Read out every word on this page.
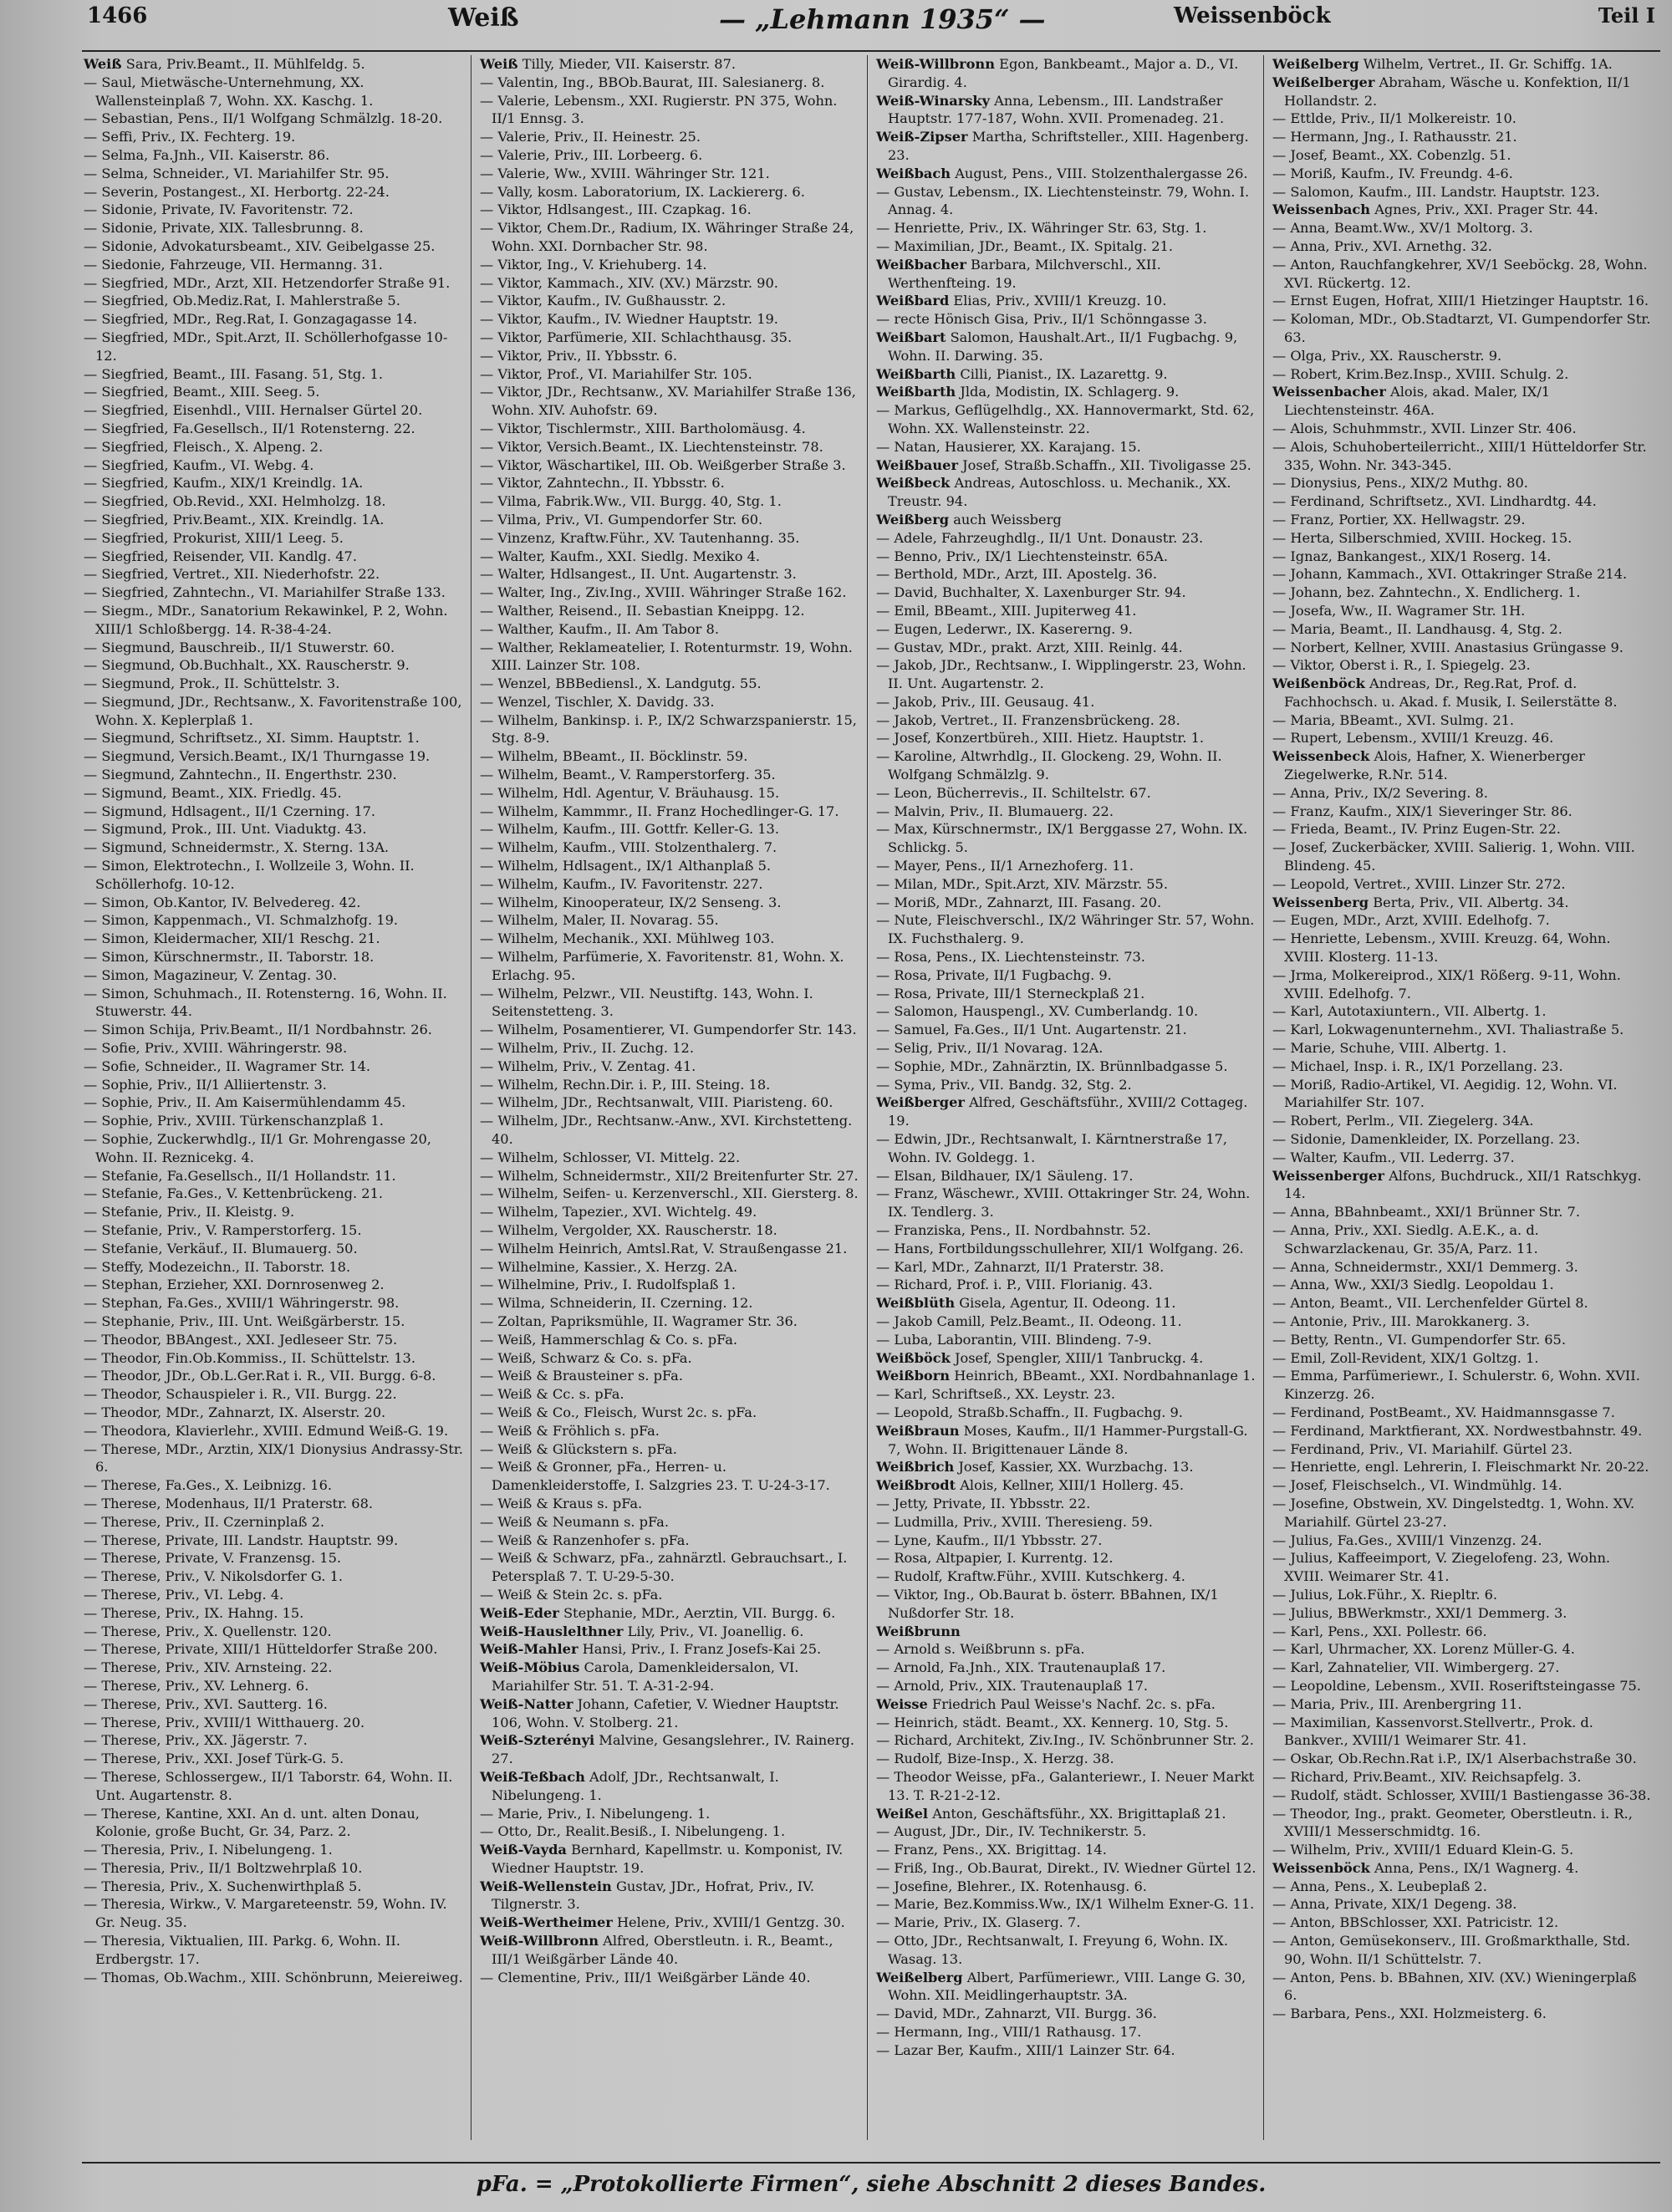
1466	Weiß	— „Lehmann 1935“ —	Weissenböck	Teil I

Weiß Sara, Priv.Beamt., II. Mühlfeldg. 5.

— Saul, Mietwäsche-Unternehmung, XX. Wallensteinplaß 7, Wohn. XX. Kaschg. 1.

— Sebastian, Pens., II/1 Wolfgang Schmälzlg. 18-20.

— Seffi, Priv., IX. Fechterg. 19.

— Selma, Fa.Jnh., VII. Kaiserstr. 86.

— Selma, Schneider., VI. Mariahilfer Str. 95.

— Severin, Postangest., XI. Herbortg. 22-24.

— Sidonie, Private, IV. Favoritenstr. 72.

— Sidonie, Private, XIX. Tallesbrunng. 8.

— Sidonie, Advokatursbeamt., XIV. Geibelgasse 25.

— Siedonie, Fahrzeuge, VII. Hermanng. 31.

— Siegfried, MDr., Arzt, XII. Hetzendorfer Straße 91.

— Siegfried, Ob.Mediz.Rat, I. Mahlerstraße 5.

— Siegfried, MDr., Reg.Rat, I. Gonzagagasse 14.

— Siegfried, MDr., Spit.Arzt, II. Schöllerhofgasse 10-12.

— Siegfried, Beamt., III. Fasang. 51, Stg. 1.

— Siegfried, Beamt., XIII. Seeg. 5.

— Siegfried, Eisenhdl., VIII. Hernalser Gürtel 20.

— Siegfried, Fa.Gesellsch., II/1 Rotensterng. 22.

— Siegfried, Fleisch., X. Alpeng. 2.

— Siegfried, Kaufm., VI. Webg. 4.

— Siegfried, Kaufm., XIX/1 Kreindlg. 1A.

— Siegfried, Ob.Revid., XXI. Helmholzg. 18.

— Siegfried, Priv.Beamt., XIX. Kreindlg. 1A.

— Siegfried, Prokurist, XIII/1 Leeg. 5.

— Siegfried, Reisender, VII. Kandlg. 47.

— Siegfried, Vertret., XII. Niederhofstr. 22.

— Siegfried, Zahntechn., VI. Mariahilfer Straße 133.

— Siegm., MDr., Sanatorium Rekawinkel, P. 2, Wohn. XIII/1 Schloßbergg. 14. R-38-4-24.

— Siegmund, Bauschreib., II/1 Stuwerstr. 60.

— Siegmund, Ob.Buchhalt., XX. Rauscherstr. 9.

— Siegmund, Prok., II. Schüttelstr. 3.

— Siegmund, JDr., Rechtsanw., X. Favoritenstraße 100, Wohn. X. Keplerplaß 1.

— Siegmund, Schriftsetz., XI. Simm. Hauptstr. 1.

— Siegmund, Versich.Beamt., IX/1 Thurngasse 19.

— Siegmund, Zahntechn., II. Engerthstr. 230.

— Sigmund, Beamt., XIX. Friedlg. 45.

— Sigmund, Hdlsagent., II/1 Czerning. 17.

— Sigmund, Prok., III. Unt. Viaduktg. 43.

— Sigmund, Schneidermstr., X. Sterng. 13A.

— Simon, Elektrotechn., I. Wollzeile 3, Wohn. II. Schöllerhofg. 10-12.

— Simon, Ob.Kantor, IV. Belvedereg. 42.

— Simon, Kappenmach., VI. Schmalzhofg. 19.

— Simon, Kleidermacher, XII/1 Reschg. 21.

— Simon, Kürschnermstr., II. Taborstr. 18.

— Simon, Magazineur, V. Zentag. 30.

— Simon, Schuhmach., II. Rotensterng. 16, Wohn. II. Stuwerstr. 44.

— Simon Schija, Priv.Beamt., II/1 Nordbahnstr. 26.

— Sofie, Priv., XVIII. Währingerstr. 98.

— Sofie, Schneider., II. Wagramer Str. 14.

— Sophie, Priv., II/1 Alliiertenstr. 3.

— Sophie, Priv., II. Am Kaisermühlendamm 45.

— Sophie, Priv., XVIII. Türkenschanzplaß 1.

— Sophie, Zuckerwhdlg., II/1 Gr. Mohrengasse 20, Wohn. II. Reznicekg. 4.

— Stefanie, Fa.Gesellsch., II/1 Hollandstr. 11.

— Stefanie, Fa.Ges., V. Kettenbrückeng. 21.

— Stefanie, Priv., II. Kleistg. 9.

— Stefanie, Priv., V. Ramperstorferg. 15.

— Stefanie, Verkäuf., II. Blumauerg. 50.

— Steffy, Modezeichn., II. Taborstr. 18.

— Stephan, Erzieher, XXI. Dornrosenweg 2.

— Stephan, Fa.Ges., XVIII/1 Währingerstr. 98.

— Stephanie, Priv., III. Unt. Weißgärberstr. 15.

— Theodor, BBAngest., XXI. Jedleseer Str. 75.

— Theodor, Fin.Ob.Kommiss., II. Schüttelstr. 13.

— Theodor, JDr., Ob.L.Ger.Rat i. R., VII. Burgg. 6-8.

— Theodor, Schauspieler i. R., VII. Burgg. 22.

— Theodor, MDr., Zahnarzt, IX. Alserstr. 20.

— Theodora, Klavierlehr., XVIII. Edmund Weiß-G. 19.

— Therese, MDr., Arztin, XIX/1 Dionysius Andrassy-Str. 6.

— Therese, Fa.Ges., X. Leibnizg. 16.

— Therese, Modenhaus, II/1 Praterstr. 68.

— Therese, Priv., II. Czerninplaß 2.

— Therese, Private, III. Landstr. Hauptstr. 99.

— Therese, Private, V. Franzensg. 15.

— Therese, Priv., V. Nikolsdorfer G. 1.

— Therese, Priv., VI. Lebg. 4.

— Therese, Priv., IX. Hahng. 15.

— Therese, Priv., X. Quellenstr. 120.

— Therese, Private, XIII/1 Hütteldorfer Straße 200.

— Therese, Priv., XIV. Arnsteing. 22.

— Therese, Priv., XV. Lehnerg. 6.

— Therese, Priv., XVI. Sautterg. 16.

— Therese, Priv., XVIII/1 Witthauerg. 20.

— Therese, Priv., XX. Jägerstr. 7.

— Therese, Priv., XXI. Josef Türk-G. 5.

— Therese, Schlossergew., II/1 Taborstr. 64, Wohn. II. Unt. Augartenstr. 8.

— Therese, Kantine, XXI. An d. unt. alten Donau, Kolonie, große Bucht, Gr. 34, Parz. 2.

— Theresia, Priv., I. Nibelungeng. 1.

— Theresia, Priv., II/1 Boltzwehrplaß 10.

— Theresia, Priv., X. Suchenwirthplaß 5.

— Theresia, Wirkw., V. Margareteenstr. 59, Wohn. IV. Gr. Neug. 35.

— Theresia, Viktualien, III. Parkg. 6, Wohn. II. Erdbergstr. 17.

— Thomas, Ob.Wachm., XIII. Schönbrunn, Meiereiweg.

Weiß Tilly, Mieder, VII. Kaiserstr. 87.

— Valentin, Ing., BBOb.Baurat, III. Salesianerg. 8.

— Valerie, Lebensm., XXI. Rugierstr. PN 375, Wohn. II/1 Ennsg. 3.

— Valerie, Priv., II. Heinestr. 25.

— Valerie, Priv., III. Lorbeerg. 6.

— Valerie, Ww., XVIII. Währinger Str. 121.

— Vally, kosm. Laboratorium, IX. Lackiererg. 6.

— Viktor, Hdlsangest., III. Czapkag. 16.

— Viktor, Chem.Dr., Radium, IX. Währinger Straße 24, Wohn. XXI. Dornbacher Str. 98.

— Viktor, Ing., V. Kriehuberg. 14.

— Viktor, Kammach., XIV. (XV.) Märzstr. 90.

— Viktor, Kaufm., IV. Gußhausstr. 2.

— Viktor, Kaufm., IV. Wiedner Hauptstr. 19.

— Viktor, Parfümerie, XII. Schlachthausg. 35.

— Viktor, Priv., II. Ybbsstr. 6.

— Viktor, Prof., VI. Mariahilfer Str. 105.

— Viktor, JDr., Rechtsanw., XV. Mariahilfer Straße 136, Wohn. XIV. Auhofstr. 69.

— Viktor, Tischlermstr., XIII. Bartholomäusg. 4.

— Viktor, Versich.Beamt., IX. Liechtensteinstr. 78.

— Viktor, Wäschartikel, III. Ob. Weißgerber Straße 3.

— Viktor, Zahntechn., II. Ybbsstr. 6.

— Vilma, Fabrik.Ww., VII. Burgg. 40, Stg. 1.

— Vilma, Priv., VI. Gumpendorfer Str. 60.

— Vinzenz, Kraftw.Führ., XV. Tautenhanng. 35.

— Walter, Kaufm., XXI. Siedlg. Mexiko 4.

— Walter, Hdlsangest., II. Unt. Augartenstr. 3.

— Walter, Ing., Ziv.Ing., XVIII. Währinger Straße 162.

— Walther, Reisend., II. Sebastian Kneippg. 12.

— Walther, Kaufm., II. Am Tabor 8.

— Walther, Reklameatelier, I. Rotenturmstr. 19, Wohn. XIII. Lainzer Str. 108.

— Wenzel, BBBediensl., X. Landgutg. 55.

— Wenzel, Tischler, X. Davidg. 33.

— Wilhelm, Bankinsp. i. P., IX/2 Schwarzspanierstr. 15, Stg. 8-9.

— Wilhelm, BBeamt., II. Böcklinstr. 59.

— Wilhelm, Beamt., V. Ramperstorferg. 35.

— Wilhelm, Hdl. Agentur, V. Bräuhausg. 15.

— Wilhelm, Kammmr., II. Franz Hochedlinger-G. 17.

— Wilhelm, Kaufm., III. Gottfr. Keller-G. 13.

— Wilhelm, Kaufm., VIII. Stolzenthalerg. 7.

— Wilhelm, Hdlsagent., IX/1 Althanplaß 5.

— Wilhelm, Kaufm., IV. Favoritenstr. 227.

— Wilhelm, Kinooperateur, IX/2 Senseng. 3.

— Wilhelm, Maler, II. Novarag. 55.

— Wilhelm, Mechanik., XXI. Mühlweg 103.

— Wilhelm, Parfümerie, X. Favoritenstr. 81, Wohn. X. Erlachg. 95.

— Wilhelm, Pelzwr., VII. Neustiftg. 143, Wohn. I. Seitenstetteng. 3.

— Wilhelm, Posamentierer, VI. Gumpendorfer Str. 143.

— Wilhelm, Priv., II. Zuchg. 12.

— Wilhelm, Priv., V. Zentag. 41.

— Wilhelm, Rechn.Dir. i. P., III. Steing. 18.

— Wilhelm, JDr., Rechtsanwalt, VIII. Piaristeng. 60.

— Wilhelm, JDr., Rechtsanw.-Anw., XVI. Kirchstetteng. 40.

— Wilhelm, Schlosser, VI. Mittelg. 22.

— Wilhelm, Schneidermstr., XII/2 Breitenfurter Str. 27.

— Wilhelm, Seifen- u. Kerzenverschl., XII. Giersterg. 8.

— Wilhelm, Tapezier., XVI. Wichtelg. 49.

— Wilhelm, Vergolder, XX. Rauscherstr. 18.

— Wilhelm Heinrich, Amtsl.Rat, V. Straußengasse 21.

— Wilhelmine, Kassier., X. Herzg. 2A.

— Wilhelmine, Priv., I. Rudolfsplaß 1.

— Wilma, Schneiderin, II. Czerning. 12.

— Zoltan, Papriksmühle, II. Wagramer Str. 36.

— Weiß, Hammerschlag & Co. s. pFa.

— Weiß, Schwarz & Co. s. pFa.

— Weiß & Brausteiner s. pFa.

— Weiß & Cc. s. pFa.

— Weiß & Co., Fleisch, Wurst 2c. s. pFa.

— Weiß & Fröhlich s. pFa.

— Weiß & Glückstern s. pFa.

— Weiß & Gronner, pFa., Herren- u. Damenkleiderstoffe, I. Salzgries 23. T. U-24-3-17.

— Weiß & Kraus s. pFa.

— Weiß & Neumann s. pFa.

— Weiß & Ranzenhofer s. pFa.

— Weiß & Schwarz, pFa., zahnärztl. Gebrauchsart., I. Petersplaß 7. T. U-29-5-30.

— Weiß & Stein 2c. s. pFa.

Weiß-Eder Stephanie, MDr., Aerztin, VII. Burgg. 6.

Weiß-Hauslelthner Lily, Priv., VI. Joanellig. 6.

Weiß-Mahler Hansi, Priv., I. Franz Josefs-Kai 25.

Weiß-Möbius Carola, Damenkleidersalon, VI. Mariahilfer Str. 51. T. A-31-2-94.

Weiß-Natter Johann, Cafetier, V. Wiedner Hauptstr. 106, Wohn. V. Stolberg. 21.

Weiß-Szterényi Malvine, Gesangslehrer., IV. Rainerg. 27.

Weiß-Teßbach Adolf, JDr., Rechtsanwalt, I. Nibelungeng. 1.

— Marie, Priv., I. Nibelungeng. 1.

— Otto, Dr., Realit.Besiß., I. Nibelungeng. 1.

Weiß-Vayda Bernhard, Kapellmstr. u. Komponist, IV. Wiedner Hauptstr. 19.

Weiß-Wellenstein Gustav, JDr., Hofrat, Priv., IV. Tilgnerstr. 3.

Weiß-Wertheimer Helene, Priv., XVIII/1 Gentzg. 30.

Weiß-Willbronn Alfred, Oberstleutn. i. R., Beamt., III/1 Weißgärber Lände 40.

— Clementine, Priv., III/1 Weißgärber Lände 40.

Weiß-Willbronn Egon, Bankbeamt., Major a. D., VI. Girardig. 4.

Weiß-Winarsky Anna, Lebensm., III. Landstraßer Hauptstr. 177-187, Wohn. XVII. Promenadeg. 21.

Weiß-Zipser Martha, Schriftsteller., XIII. Hagenberg. 23.

Weißbach August, Pens., VIII. Stolzenthalergasse 26.

— Gustav, Lebensm., IX. Liechtensteinstr. 79, Wohn. I. Annag. 4.

— Henriette, Priv., IX. Währinger Str. 63, Stg. 1.

— Maximilian, JDr., Beamt., IX. Spitalg. 21.

Weißbacher Barbara, Milchverschl., XII. Werthenfteing. 19.

Weißbard Elias, Priv., XVIII/1 Kreuzg. 10.

— recte Hönisch Gisa, Priv., II/1 Schönngasse 3.

Weißbart Salomon, Haushalt.Art., II/1 Fugbachg. 9, Wohn. II. Darwing. 35.

Weißbarth Cilli, Pianist., IX. Lazarettg. 9.

Weißbarth Jlda, Modistin, IX. Schlagerg. 9.

— Markus, Geflügelhdlg., XX. Hannovermarkt, Std. 62, Wohn. XX. Wallensteinstr. 22.

— Natan, Hausierer, XX. Karajang. 15.

Weißbauer Josef, Straßb.Schaffn., XII. Tivoligasse 25.

Weißbeck Andreas, Autoschloss. u. Mechanik., XX. Treustr. 94.

Weißberg auch Weissberg

— Adele, Fahrzeughdlg., II/1 Unt. Donaustr. 23.

— Benno, Priv., IX/1 Liechtensteinstr. 65A.

— Berthold, MDr., Arzt, III. Apostelg. 36.

— David, Buchhalter, X. Laxenburger Str. 94.

— Emil, BBeamt., XIII. Jupiterweg 41.

— Eugen, Lederwr., IX. Kasererng. 9.

— Gustav, MDr., prakt. Arzt, XIII. Reinlg. 44.

— Jakob, JDr., Rechtsanw., I. Wipplingerstr. 23, Wohn. II. Unt. Augartenstr. 2.

— Jakob, Priv., III. Geusaug. 41.

— Jakob, Vertret., II. Franzensbrückeng. 28.

— Josef, Konzertbüreh., XIII. Hietz. Hauptstr. 1.

— Karoline, Altwrhdlg., II. Glockeng. 29, Wohn. II. Wolfgang Schmälzlg. 9.

— Leon, Bücherrevis., II. Schiltelstr. 67.

— Malvin, Priv., II. Blumauerg. 22.

— Max, Kürschnermstr., IX/1 Berggasse 27, Wohn. IX. Schlickg. 5.

— Mayer, Pens., II/1 Arnezhoferg. 11.

— Milan, MDr., Spit.Arzt, XIV. Märzstr. 55.

— Moriß, MDr., Zahnarzt, III. Fasang. 20.

— Nute, Fleischverschl., IX/2 Währinger Str. 57, Wohn. IX. Fuchsthalerg. 9.

— Rosa, Pens., IX. Liechtensteinstr. 73.

— Rosa, Private, II/1 Fugbachg. 9.

— Rosa, Private, III/1 Sterneckplaß 21.

— Salomon, Hauspengl., XV. Cumberlandg. 10.

— Samuel, Fa.Ges., II/1 Unt. Augartenstr. 21.

— Selig, Priv., II/1 Novarag. 12A.

— Sophie, MDr., Zahnärztin, IX. Brünnlbadgasse 5.

— Syma, Priv., VII. Bandg. 32, Stg. 2.

Weißberger Alfred, Geschäftsführ., XVIII/2 Cottageg. 19.

— Edwin, JDr., Rechtsanwalt, I. Kärntnerstraße 17, Wohn. IV. Goldegg. 1.

— Elsan, Bildhauer, IX/1 Säuleng. 17.

— Franz, Wäschewr., XVIII. Ottakringer Str. 24, Wohn. IX. Tendlerg. 3.

— Franziska, Pens., II. Nordbahnstr. 52.

— Hans, Fortbildungsschullehrer, XII/1 Wolfgang. 26.

— Karl, MDr., Zahnarzt, II/1 Praterstr. 38.

— Richard, Prof. i. P., VIII. Florianig. 43.

Weißblüth Gisela, Agentur, II. Odeong. 11.

— Jakob Camill, Pelz.Beamt., II. Odeong. 11.

— Luba, Laborantin, VIII. Blindeng. 7-9.

Weißböck Josef, Spengler, XIII/1 Tanbruckg. 4.

Weißborn Heinrich, BBeamt., XXI. Nordbahnanlage 1.

— Karl, Schriftseß., XX. Leystr. 23.

— Leopold, Straßb.Schaffn., II. Fugbachg. 9.

Weißbraun Moses, Kaufm., II/1 Hammer-Purgstall-G. 7, Wohn. II. Brigittenauer Lände 8.

Weißbrich Josef, Kassier, XX. Wurzbachg. 13.

Weißbrodt Alois, Kellner, XIII/1 Hollerg. 45.

— Jetty, Private, II. Ybbsstr. 22.

— Ludmilla, Priv., XVIII. Theresieng. 59.

— Lyne, Kaufm., II/1 Ybbsstr. 27.

— Rosa, Altpapier, I. Kurrentg. 12.

— Rudolf, Kraftw.Führ., XVIII. Kutschkerg. 4.

— Viktor, Ing., Ob.Baurat b. österr. BBahnen, IX/1 Nußdorfer Str. 18.

Weißbrunn

— Arnold s. Weißbrunn s. pFa.

— Arnold, Fa.Jnh., XIX. Trautenauplaß 17.

— Arnold, Priv., XIX. Trautenauplaß 17.

Weisse Friedrich Paul Weisse's Nachf. 2c. s. pFa.

— Heinrich, städt. Beamt., XX. Kennerg. 10, Stg. 5.

— Richard, Architekt, Ziv.Ing., IV. Schönbrunner Str. 2.

— Rudolf, Bize-Insp., X. Herzg. 38.

— Theodor Weisse, pFa., Galanteriewr., I. Neuer Markt 13. T. R-21-2-12.

Weißel Anton, Geschäftsführ., XX. Brigittaplaß 21.

— August, JDr., Dir., IV. Technikerstr. 5.

— Franz, Pens., XX. Brigittag. 14.

— Friß, Ing., Ob.Baurat, Direkt., IV. Wiedner Gürtel 12.

— Josefine, Blehrer., IX. Rotenhausg. 6.

— Marie, Bez.Kommiss.Ww., IX/1 Wilhelm Exner-G. 11.

— Marie, Priv., IX. Glaserg. 7.

— Otto, JDr., Rechtsanwalt, I. Freyung 6, Wohn. IX. Wasag. 13.

Weißelberg Albert, Parfümeriewr., VIII. Lange G. 30, Wohn. XII. Meidlingerhauptstr. 3A.

— David, MDr., Zahnarzt, VII. Burgg. 36.

— Hermann, Ing., VIII/1 Rathausg. 17.

— Lazar Ber, Kaufm., XIII/1 Lainzer Str. 64.

Weißelberg Wilhelm, Vertret., II. Gr. Schiffg. 1A.

Weißelberger Abraham, Wäsche u. Konfektion, II/1 Hollandstr. 2.

— Ettlde, Priv., II/1 Molkereistr. 10.

— Hermann, Jng., I. Rathausstr. 21.

— Josef, Beamt., XX. Cobenzlg. 51.

— Moriß, Kaufm., IV. Freundg. 4-6.

— Salomon, Kaufm., III. Landstr. Hauptstr. 123.

Weissenbach Agnes, Priv., XXI. Prager Str. 44.

— Anna, Beamt.Ww., XV/1 Moltorg. 3.

— Anna, Priv., XVI. Arnethg. 32.

— Anton, Rauchfangkehrer, XV/1 Seeböckg. 28, Wohn. XVI. Rückertg. 12.

— Ernst Eugen, Hofrat, XIII/1 Hietzinger Hauptstr. 16.

— Koloman, MDr., Ob.Stadtarzt, VI. Gumpendorfer Str. 63.

— Olga, Priv., XX. Rauscherstr. 9.

— Robert, Krim.Bez.Insp., XVIII. Schulg. 2.

Weissenbacher Alois, akad. Maler, IX/1 Liechtensteinstr. 46A.

— Alois, Schuhmmstr., XVII. Linzer Str. 406.

— Alois, Schuhoberteilerricht., XIII/1 Hütteldorfer Str. 335, Wohn. Nr. 343-345.

— Dionysius, Pens., XIX/2 Muthg. 80.

— Ferdinand, Schriftsetz., XVI. Lindhardtg. 44.

— Franz, Portier, XX. Hellwagstr. 29.

— Herta, Silberschmied, XVIII. Hockeg. 15.

— Ignaz, Bankangest., XIX/1 Roserg. 14.

— Johann, Kammach., XVI. Ottakringer Straße 214.

— Johann, bez. Zahntechn., X. Endlicherg. 1.

— Josefa, Ww., II. Wagramer Str. 1H.

— Maria, Beamt., II. Landhausg. 4, Stg. 2.

— Norbert, Kellner, XVIII. Anastasius Grüngasse 9.

— Viktor, Oberst i. R., I. Spiegelg. 23.

Weißenböck Andreas, Dr., Reg.Rat, Prof. d. Fachhochsch. u. Akad. f. Musik, I. Seilerstätte 8.

— Maria, BBeamt., XVI. Sulmg. 21.

— Rupert, Lebensm., XVIII/1 Kreuzg. 46.

Weissenbeck Alois, Hafner, X. Wienerberger Ziegelwerke, R.Nr. 514.

— Anna, Priv., IX/2 Severing. 8.

— Franz, Kaufm., XIX/1 Sieveringer Str. 86.

— Frieda, Beamt., IV. Prinz Eugen-Str. 22.

— Josef, Zuckerbäcker, XVIII. Salierig. 1, Wohn. VIII. Blindeng. 45.

— Leopold, Vertret., XVIII. Linzer Str. 272.

Weissenberg Berta, Priv., VII. Albertg. 34.

— Eugen, MDr., Arzt, XVIII. Edelhofg. 7.

— Henriette, Lebensm., XVIII. Kreuzg. 64, Wohn. XVIII. Klosterg. 11-13.

— Jrma, Molkereiprod., XIX/1 Rößerg. 9-11, Wohn. XVIII. Edelhofg. 7.

— Karl, Autotaxiuntern., VII. Albertg. 1.

— Karl, Lokwagenunternehm., XVI. Thaliastraße 5.

— Marie, Schuhe, VIII. Albertg. 1.

— Michael, Insp. i. R., IX/1 Porzellang. 23.

— Moriß, Radio-Artikel, VI. Aegidig. 12, Wohn. VI. Mariahilfer Str. 107.

— Robert, Perlm., VII. Ziegelerg. 34A.

— Sidonie, Damenkleider, IX. Porzellang. 23.

— Walter, Kaufm., VII. Lederrg. 37.

Weissenberger Alfons, Buchdruck., XII/1 Ratschkyg. 14.

— Anna, BBahnbeamt., XXI/1 Brünner Str. 7.

— Anna, Priv., XXI. Siedlg. A.E.K., a. d. Schwarzlackenau, Gr. 35/A, Parz. 11.

— Anna, Schneidermstr., XXI/1 Demmerg. 3.

— Anna, Ww., XXI/3 Siedlg. Leopoldau 1.

— Anton, Beamt., VII. Lerchenfelder Gürtel 8.

— Antonie, Priv., III. Marokkanerg. 3.

— Betty, Rentn., VI. Gumpendorfer Str. 65.

— Emil, Zoll-Revident, XIX/1 Goltzg. 1.

— Emma, Parfümeriewr., I. Schulerstr. 6, Wohn. XVII. Kinzerzg. 26.

— Ferdinand, PostBeamt., XV. Haidmannsgasse 7.

— Ferdinand, Marktfierant, XX. Nordwestbahnstr. 49.

— Ferdinand, Priv., VI. Mariahilf. Gürtel 23.

— Henriette, engl. Lehrerin, I. Fleischmarkt Nr. 20-22.

— Josef, Fleischselch., VI. Windmühlg. 14.

— Josefine, Obstwein, XV. Dingelstedtg. 1, Wohn. XV. Mariahilf. Gürtel 23-27.

— Julius, Fa.Ges., XVIII/1 Vinzenzg. 24.

— Julius, Kaffeeimport, V. Ziegelofeng. 23, Wohn. XVIII. Weimarer Str. 41.

— Julius, Lok.Führ., X. Riepltr. 6.

— Julius, BBWerkmstr., XXI/1 Demmerg. 3.

— Karl, Pens., XXI. Pollestr. 66.

— Karl, Uhrmacher, XX. Lorenz Müller-G. 4.

— Karl, Zahnatelier, VII. Wimbergerg. 27.

— Leopoldine, Lebensm., XVII. Roseriftsteingasse 75.

— Maria, Priv., III. Arenbergring 11.

— Maximilian, Kassenvorst.Stellvertr., Prok. d. Bankver., XVIII/1 Weimarer Str. 41.

— Oskar, Ob.Rechn.Rat i.P., IX/1 Alserbachstraße 30.

— Richard, Priv.Beamt., XIV. Reichsapfelg. 3.

— Rudolf, städt. Schlosser, XVIII/1 Bastiengasse 36-38.

— Theodor, Ing., prakt. Geometer, Oberstleutn. i. R., XVIII/1 Messerschmidtg. 16.

— Wilhelm, Priv., XVIII/1 Eduard Klein-G. 5.

Weissenböck Anna, Pens., IX/1 Wagnerg. 4.

— Anna, Pens., X. Leubeplaß 2.

— Anna, Private, XIX/1 Degeng. 38.

— Anton, BBSchlosser, XXI. Patricistr. 12.

— Anton, Gemüsekonserv., III. Großmarkthalle, Std. 90, Wohn. II/1 Schüttelstr. 7.

— Anton, Pens. b. BBahnen, XIV. (XV.) Wieningerplaß 6.

— Barbara, Pens., XXI. Holzmeisterg. 6.

pFa. = „Protokollierte Firmen“, siehe Abschnitt 2 dieses Bandes.
